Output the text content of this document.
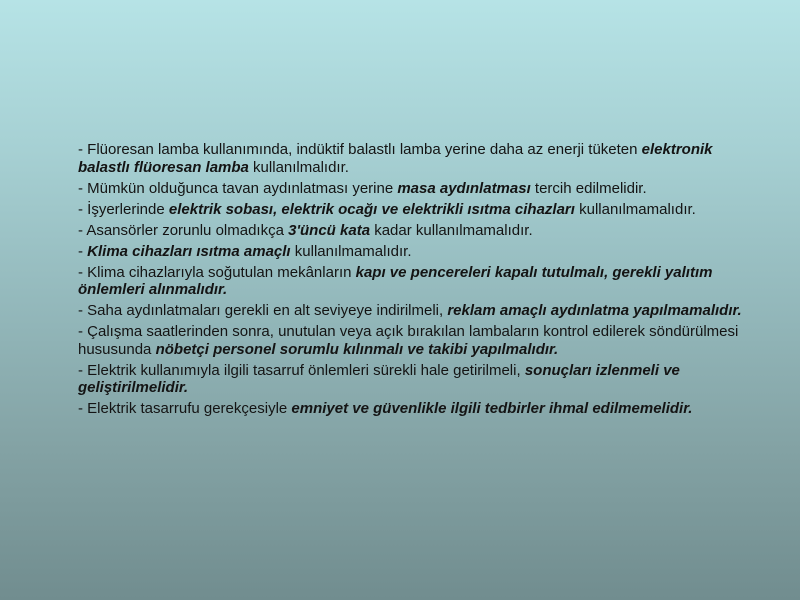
- Flüoresan lamba kullanımında, indüktif balastlı lamba yerine daha az enerji tüketen elektronik balastlı flüoresan lamba kullanılmalıdır.

- Mümkün olduğunca tavan aydınlatması yerine masa aydınlatması tercih edilmelidir.

- İşyerlerinde elektrik sobası, elektrik ocağı ve elektrikli ısıtma cihazları kullanılmamalıdır.

- Asansörler zorunlu olmadıkça 3'üncü kata kadar kullanılmamalıdır.

- Klima cihazları ısıtma amaçlı kullanılmamalıdır.

- Klima cihazlarıyla soğutulan mekânların kapı ve pencereleri kapalı tutulmalı, gerekli yalıtım önlemleri alınmalıdır.

- Saha aydınlatmaları gerekli en alt seviyeye indirilmeli, reklam amaçlı aydınlatma yapılmamalıdır.

- Çalışma saatlerinden sonra, unutulan veya açık bırakılan lambaların kontrol edilerek söndürülmesi hususunda nöbetçi personel sorumlu kılınmalı ve takibi yapılmalıdır.

- Elektrik kullanımıyla ilgili tasarruf önlemleri sürekli hale getirilmeli, sonuçları izlenmeli ve geliştirilmelidir.

- Elektrik tasarrufu gerekçesiyle emniyet ve güvenlikle ilgili tedbirler ihmal edilmemelidir.
